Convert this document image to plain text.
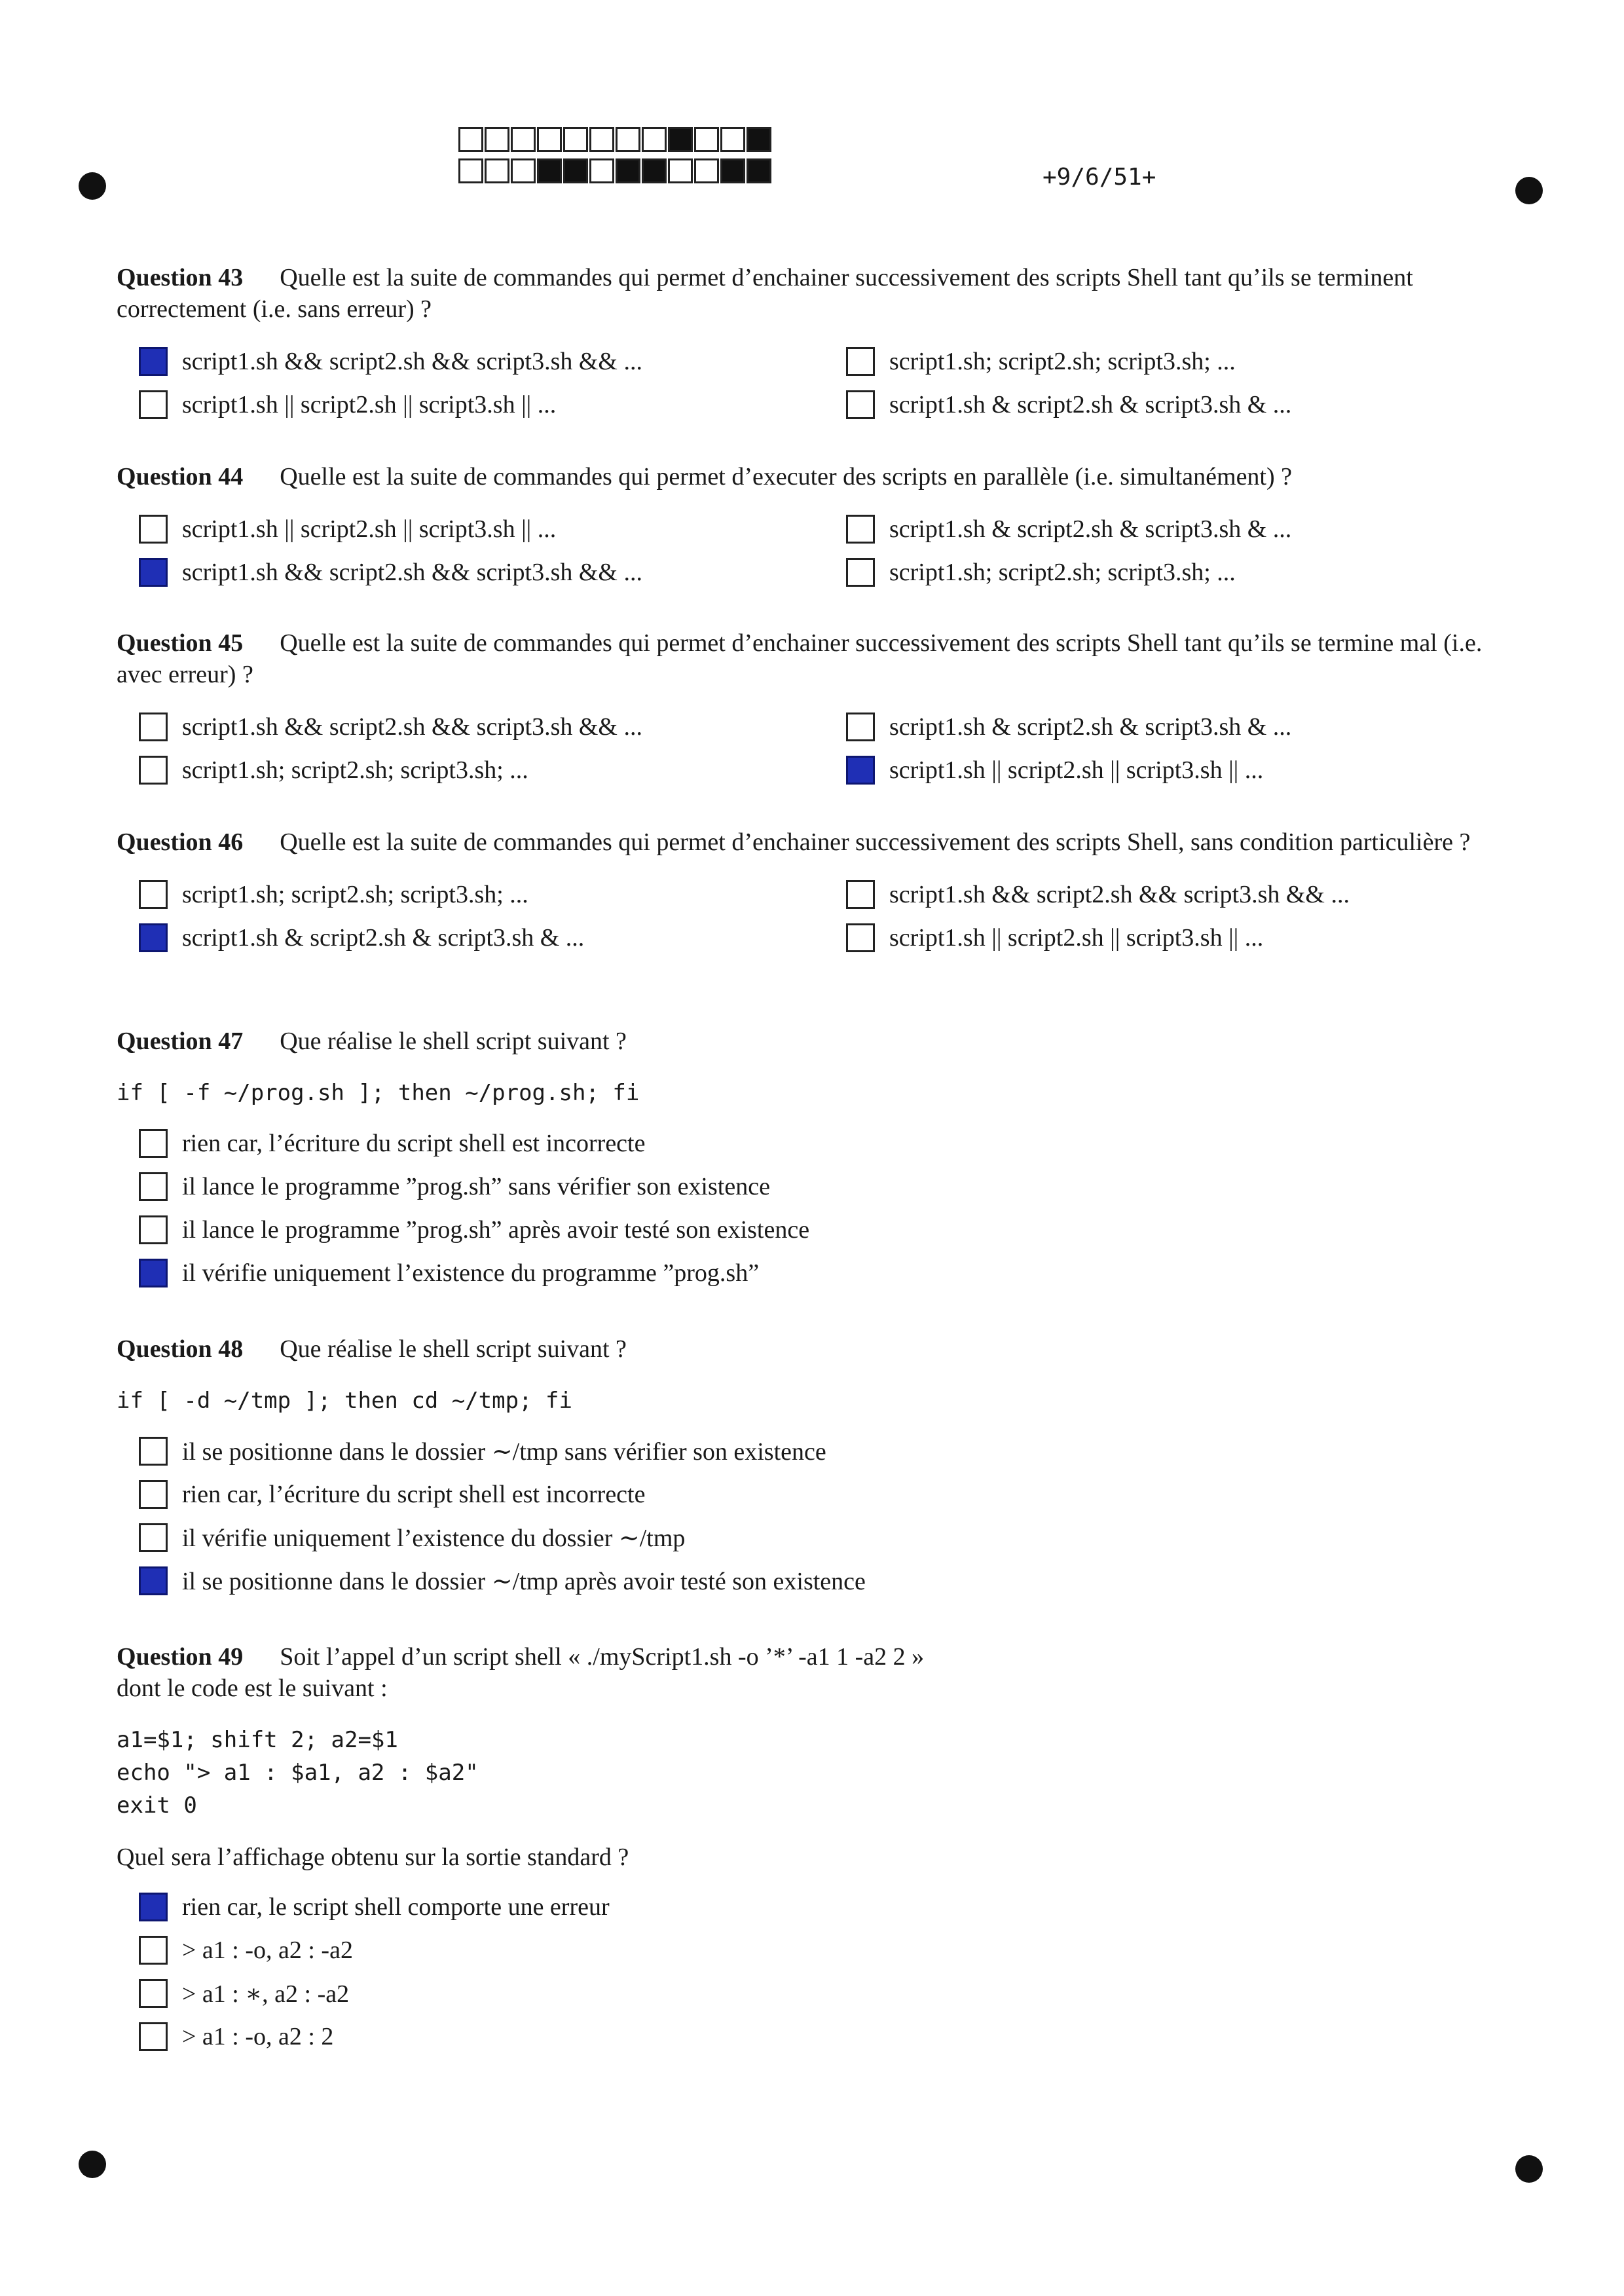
+9/6/51+
Question 43 Quelle est la suite de commandes qui permet d’enchainer successivement des scripts Shell tant qu’ils se terminent correctement (i.e. sans erreur) ?
script1.sh && script2.sh && script3.sh && ...	script1.sh; script2.sh; script3.sh; ...
script1.sh || script2.sh || script3.sh || ...	script1.sh & script2.sh & script3.sh & ...
Question 44 Quelle est la suite de commandes qui permet d’executer des scripts en parallèle (i.e. simultanément) ?
script1.sh || script2.sh || script3.sh || ...	script1.sh & script2.sh & script3.sh & ...
script1.sh && script2.sh && script3.sh && ...	script1.sh; script2.sh; script3.sh; ...
Question 45 Quelle est la suite de commandes qui permet d’enchainer successivement des scripts Shell tant qu’ils se termine mal (i.e. avec erreur) ?
script1.sh && script2.sh && script3.sh && ...	script1.sh & script2.sh & script3.sh & ...
script1.sh; script2.sh; script3.sh; ...	script1.sh || script2.sh || script3.sh || ...
Question 46 Quelle est la suite de commandes qui permet d’enchainer successivement des scripts Shell, sans condition particulière ?
script1.sh; script2.sh; script3.sh; ...	script1.sh && script2.sh && script3.sh && ...
script1.sh & script2.sh & script3.sh & ...	script1.sh || script2.sh || script3.sh || ...
Question 47 Que réalise le shell script suivant ?
if [ -f ~/prog.sh ]; then ~/prog.sh; fi
rien car, l’écriture du script shell est incorrecte
il lance le programme ”prog.sh” sans vérifier son existence
il lance le programme ”prog.sh” après avoir testé son existence
il vérifie uniquement l’existence du programme ”prog.sh”
Question 48 Que réalise le shell script suivant ?
if [ -d ~/tmp ]; then cd ~/tmp; fi
il se positionne dans le dossier ∼/tmp sans vérifier son existence
rien car, l’écriture du script shell est incorrecte
il vérifie uniquement l’existence du dossier ∼/tmp
il se positionne dans le dossier ∼/tmp après avoir testé son existence
Question 49 Soit l’appel d’un script shell « ./myScript1.sh -o ’*’ -a1 1 -a2 2 »
dont le code est le suivant :
a1=$1; shift 2; a2=$1
echo "> a1 : $a1, a2 : $a2"
exit 0
Quel sera l’affichage obtenu sur la sortie standard ?
rien car, le script shell comporte une erreur
> a1 : -o, a2 : -a2
> a1 : ∗, a2 : -a2
> a1 : -o, a2 : 2
